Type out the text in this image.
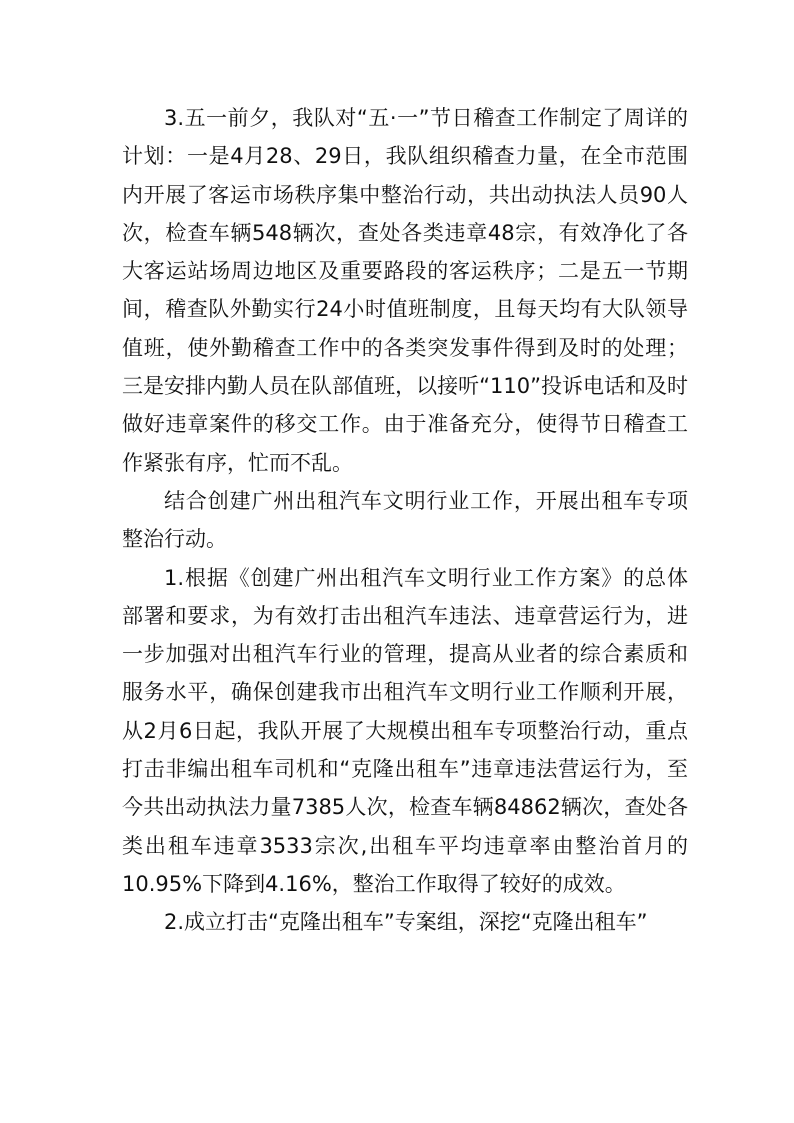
3.五一前夕，我队对“五·一”节日稽查工作制定了周详的计划：一是4月28、29日，我队组织稽查力量，在全市范围内开展了客运市场秩序集中整治行动，共出动执法人员90人次，检查车辆548辆次，查处各类违章48宗，有效净化了各大客运站场周边地区及重要路段的客运秩序；二是五一节期间，稽查队外勤实行24小时值班制度，且每天均有大队领导值班，使外勤稽查工作中的各类突发事件得到及时的处理；三是安排内勤人员在队部值班，以接听“110”投诉电话和及时做好违章案件的移交工作。由于准备充分，使得节日稽查工作紧张有序，忙而不乱。

结合创建广州出租汽车文明行业工作，开展出租车专项整治行动。

1.根据《创建广州出租汽车文明行业工作方案》的总体部署和要求，为有效打击出租汽车违法、违章营运行为，进一步加强对出租汽车行业的管理，提高从业者的综合素质和服务水平，确保创建我市出租汽车文明行业工作顺利开展，从2月6日起，我队开展了大规模出租车专项整治行动，重点打击非编出租车司机和“克隆出租车”违章违法营运行为，至今共出动执法力量7385人次，检查车辆84862辆次，查处各类出租车违章3533宗次,出租车平均违章率由整治首月的10.95%下降到4.16%，整治工作取得了较好的成效。

2.成立打击“克隆出租车”专案组，深挖“克隆出租车”
